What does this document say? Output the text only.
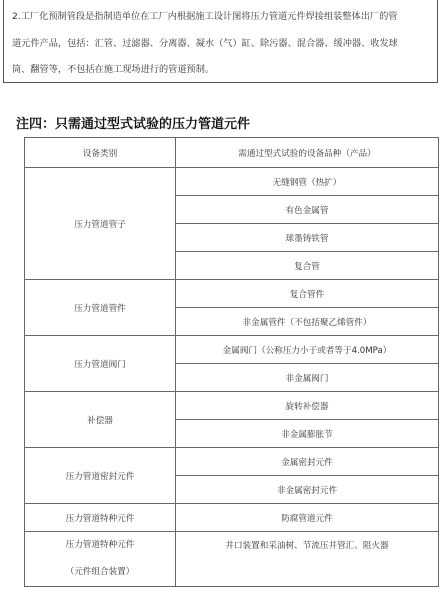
2.工厂化预制管段是指制造单位在工厂内根据施工设计图将压力管道元件焊接组装整体出厂的管
道元件产品，包括：汇管、过滤器、分离器、凝水（气）缸、除污器、混合器、缓冲器、收发球
筒、翻管等，不包括在施工现场进行的管道预制。
注四：只需通过型式试验的压力管道元件
设备类别	需通过型式试验的设备品种（产品）
压力管道管子	无缝钢管（热扩）
	有色金属管
	球墨铸铁管
	复合管
压力管道管件	复合管件
	非金属管件（不包括聚乙烯管件）
压力管道阀门	金属阀门（公称压力小于或者等于4.0MPa）
	非金属阀门
补偿器	旋转补偿器
	非金属膨胀节
压力管道密封元件	金属密封元件
	非金属密封元件
压力管道特种元件	防腐管道元件

压力管道特种元件
（元件组合装置）	井口装置和采油树、节流压井管汇、阻火器
